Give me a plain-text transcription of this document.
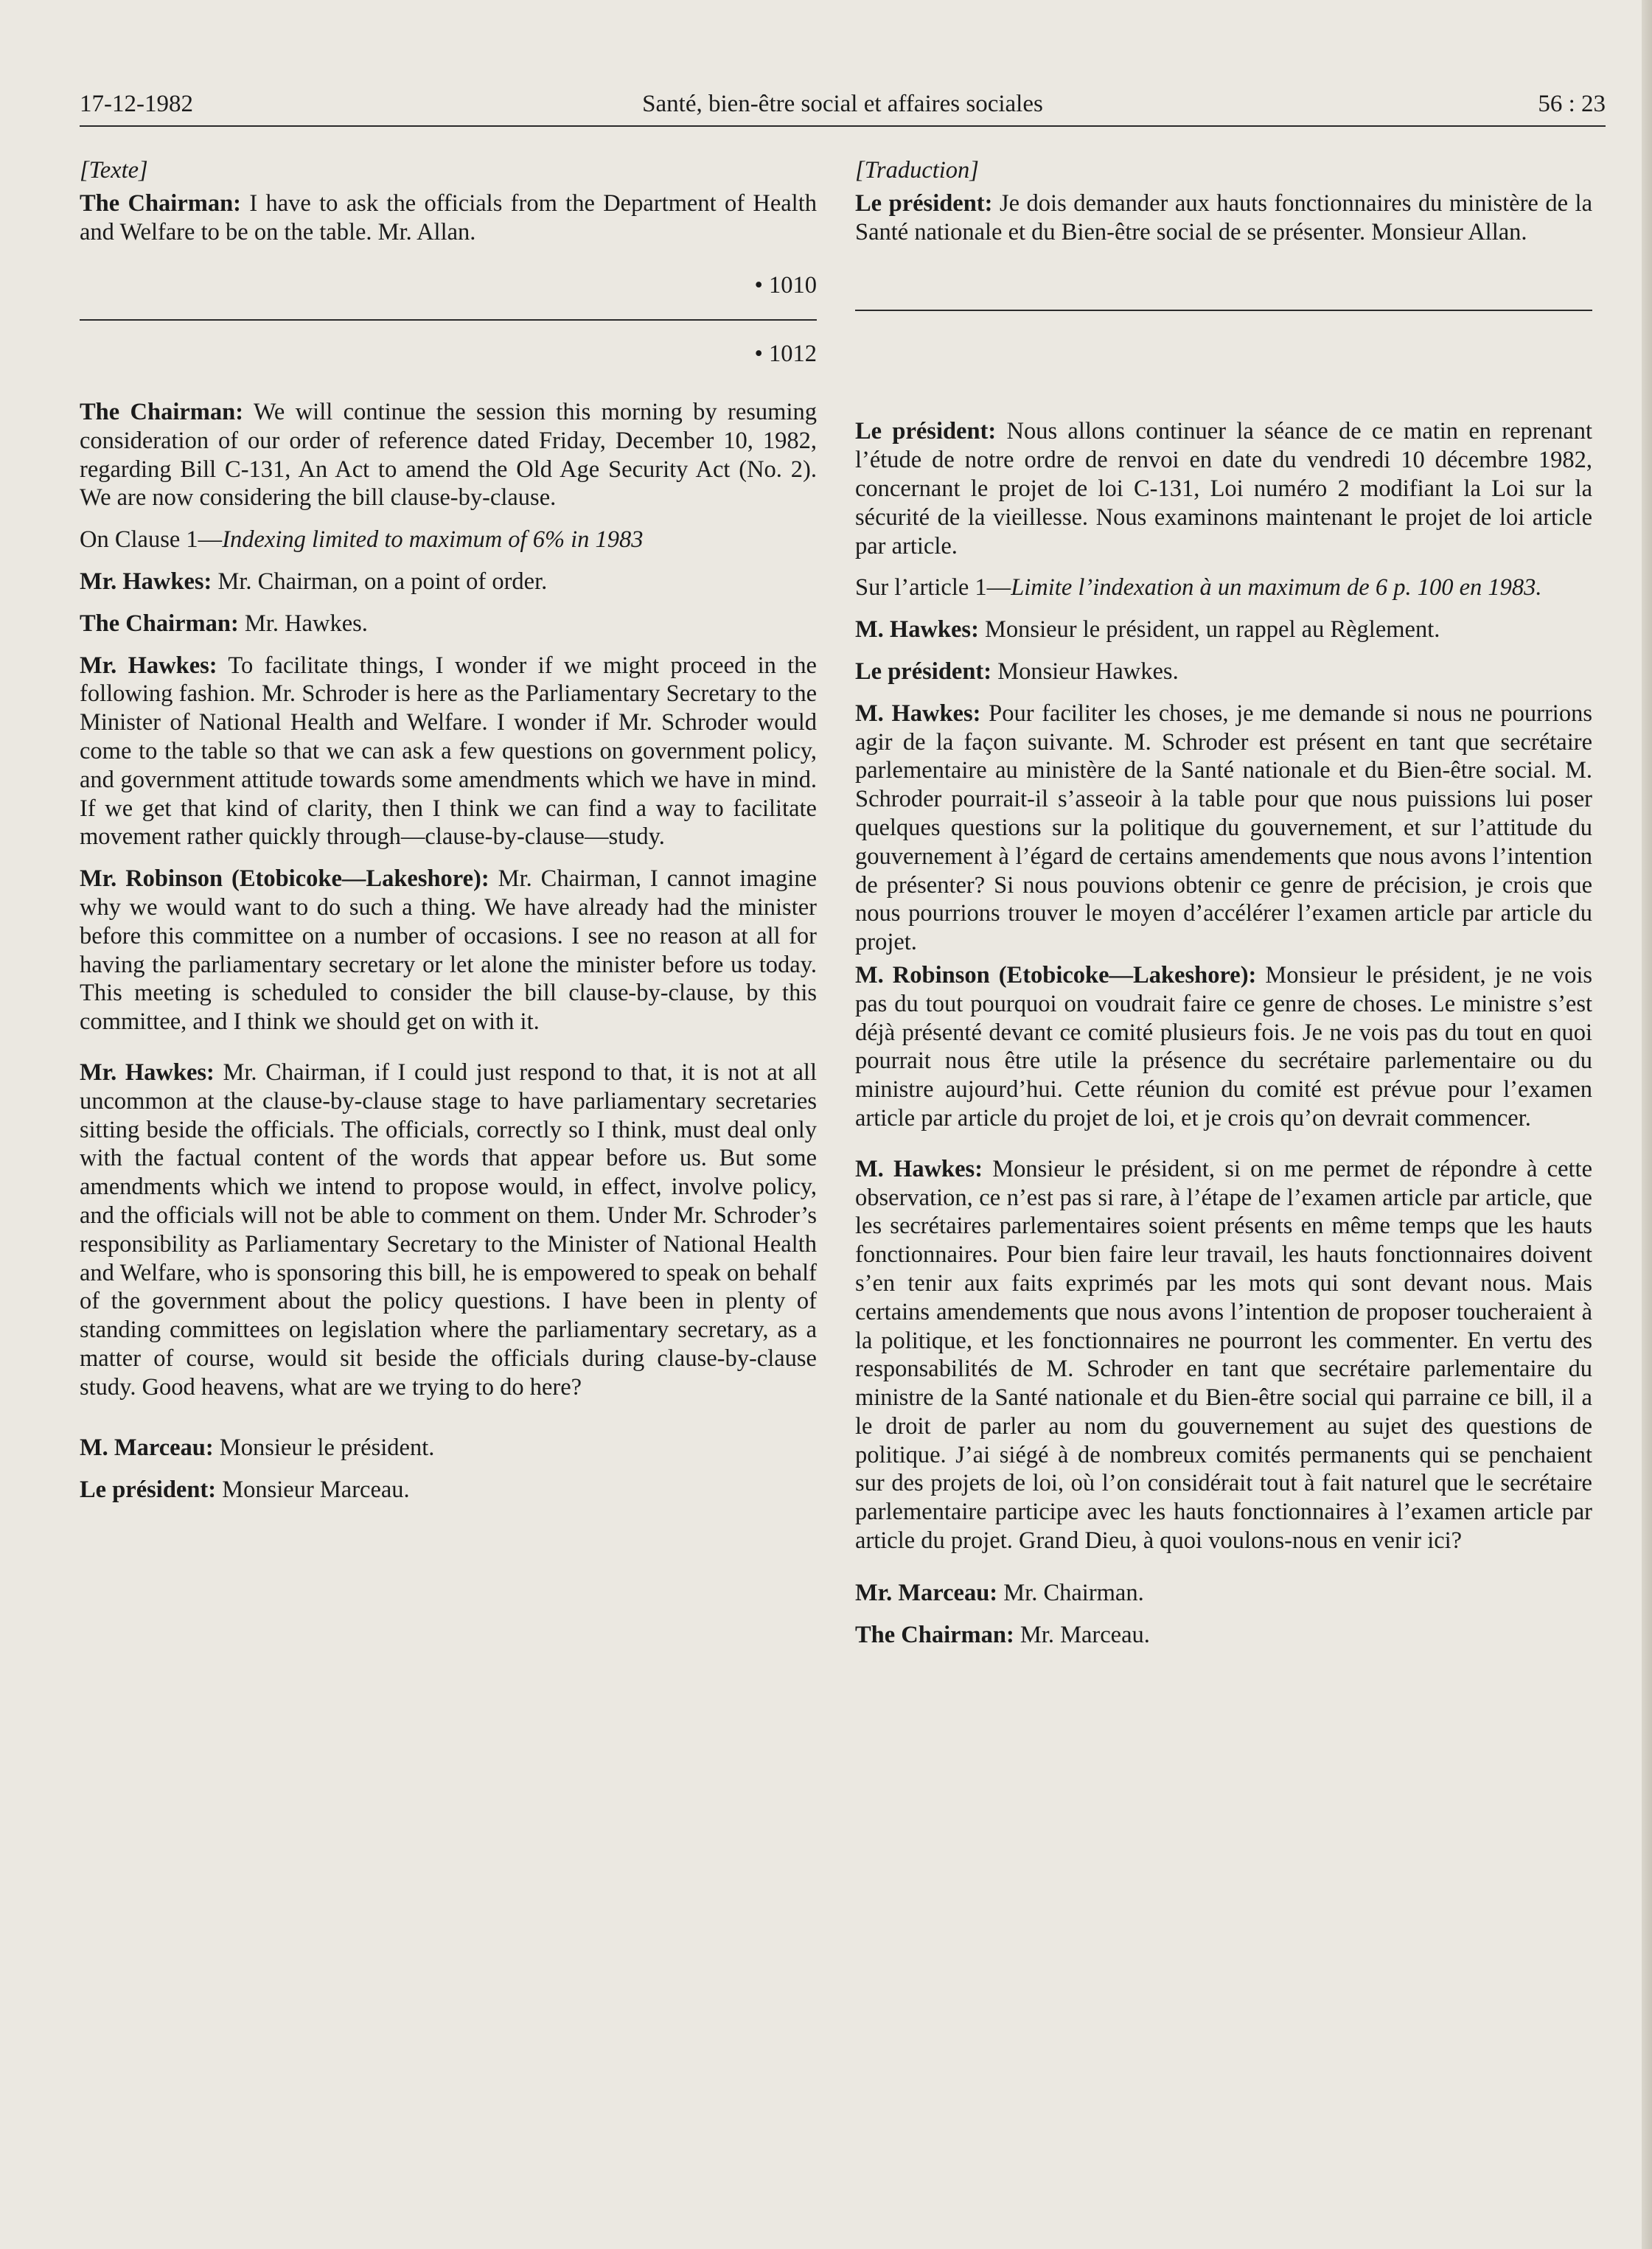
Santé, bien-être social et affaires sociales
17-12-1982	56 : 23

[Texte]

The Chairman: I have to ask the officials from the Department of Health and Welfare to be on the table. Mr. Allan.

• 1010

• 1012

The Chairman: We will continue the session this morning by resuming consideration of our order of reference dated Friday, December 10, 1982, regarding Bill C-131, An Act to amend the Old Age Security Act (No. 2). We are now considering the bill clause-by-clause.

On Clause 1—Indexing limited to maximum of 6% in 1983

Mr. Hawkes: Mr. Chairman, on a point of order.

The Chairman: Mr. Hawkes.

Mr. Hawkes: To facilitate things, I wonder if we might proceed in the following fashion. Mr. Schroder is here as the Parliamentary Secretary to the Minister of National Health and Welfare. I wonder if Mr. Schroder would come to the table so that we can ask a few questions on government policy, and government attitude towards some amendments which we have in mind. If we get that kind of clarity, then I think we can find a way to facilitate movement rather quickly through—clause-by-clause—study.

Mr. Robinson (Etobicoke—Lakeshore): Mr. Chairman, I cannot imagine why we would want to do such a thing. We have already had the minister before this committee on a number of occasions. I see no reason at all for having the parliamentary secretary or let alone the minister before us today. This meeting is scheduled to consider the bill clause-by-clause, by this committee, and I think we should get on with it.

Mr. Hawkes: Mr. Chairman, if I could just respond to that, it is not at all uncommon at the clause-by-clause stage to have parliamentary secretaries sitting beside the officials. The officials, correctly so I think, must deal only with the factual content of the words that appear before us. But some amendments which we intend to propose would, in effect, involve policy, and the officials will not be able to comment on them. Under Mr. Schroder’s responsibility as Parliamentary Secretary to the Minister of National Health and Welfare, who is sponsoring this bill, he is empowered to speak on behalf of the government about the policy questions. I have been in plenty of standing committees on legislation where the parliamentary secretary, as a matter of course, would sit beside the officials during clause-by-clause study. Good heavens, what are we trying to do here?

M. Marceau: Monsieur le président.

Le président: Monsieur Marceau.

[Traduction]

Le président: Je dois demander aux hauts fonctionnaires du ministère de la Santé nationale et du Bien-être social de se présenter. Monsieur Allan.

Le président: Nous allons continuer la séance de ce matin en reprenant l’étude de notre ordre de renvoi en date du vendredi 10 décembre 1982, concernant le projet de loi C-131, Loi numéro 2 modifiant la Loi sur la sécurité de la vieillesse. Nous examinons maintenant le projet de loi article par article.

Sur l’article 1—Limite l’indexation à un maximum de 6 p. 100 en 1983.

M. Hawkes: Monsieur le président, un rappel au Règlement.

Le président: Monsieur Hawkes.

M. Hawkes: Pour faciliter les choses, je me demande si nous ne pourrions agir de la façon suivante. M. Schroder est présent en tant que secrétaire parlementaire au ministère de la Santé nationale et du Bien-être social. M. Schroder pourrait-il s’asseoir à la table pour que nous puissions lui poser quelques questions sur la politique du gouvernement, et sur l’attitude du gouvernement à l’égard de certains amendements que nous avons l’intention de présenter? Si nous pouvions obtenir ce genre de précision, je crois que nous pourrions trouver le moyen d’accélérer l’examen article par article du projet.

M. Robinson (Etobicoke—Lakeshore): Monsieur le président, je ne vois pas du tout pourquoi on voudrait faire ce genre de choses. Le ministre s’est déjà présenté devant ce comité plusieurs fois. Je ne vois pas du tout en quoi pourrait nous être utile la présence du secrétaire parlementaire ou du ministre aujourd’hui. Cette réunion du comité est prévue pour l’examen article par article du projet de loi, et je crois qu’on devrait commencer.

M. Hawkes: Monsieur le président, si on me permet de répondre à cette observation, ce n’est pas si rare, à l’étape de l’examen article par article, que les secrétaires parlementaires soient présents en même temps que les hauts fonctionnaires. Pour bien faire leur travail, les hauts fonctionnaires doivent s’en tenir aux faits exprimés par les mots qui sont devant nous. Mais certains amendements que nous avons l’intention de proposer toucheraient à la politique, et les fonctionnaires ne pourront les commenter. En vertu des responsabilités de M. Schroder en tant que secrétaire parlementaire du ministre de la Santé nationale et du Bien-être social qui parraine ce bill, il a le droit de parler au nom du gouvernement au sujet des questions de politique. J’ai siégé à de nombreux comités permanents qui se penchaient sur des projets de loi, où l’on considérait tout à fait naturel que le secrétaire parlementaire participe avec les hauts fonctionnaires à l’examen article par article du projet. Grand Dieu, à quoi voulons-nous en venir ici?

Mr. Marceau: Mr. Chairman.

The Chairman: Mr. Marceau.
